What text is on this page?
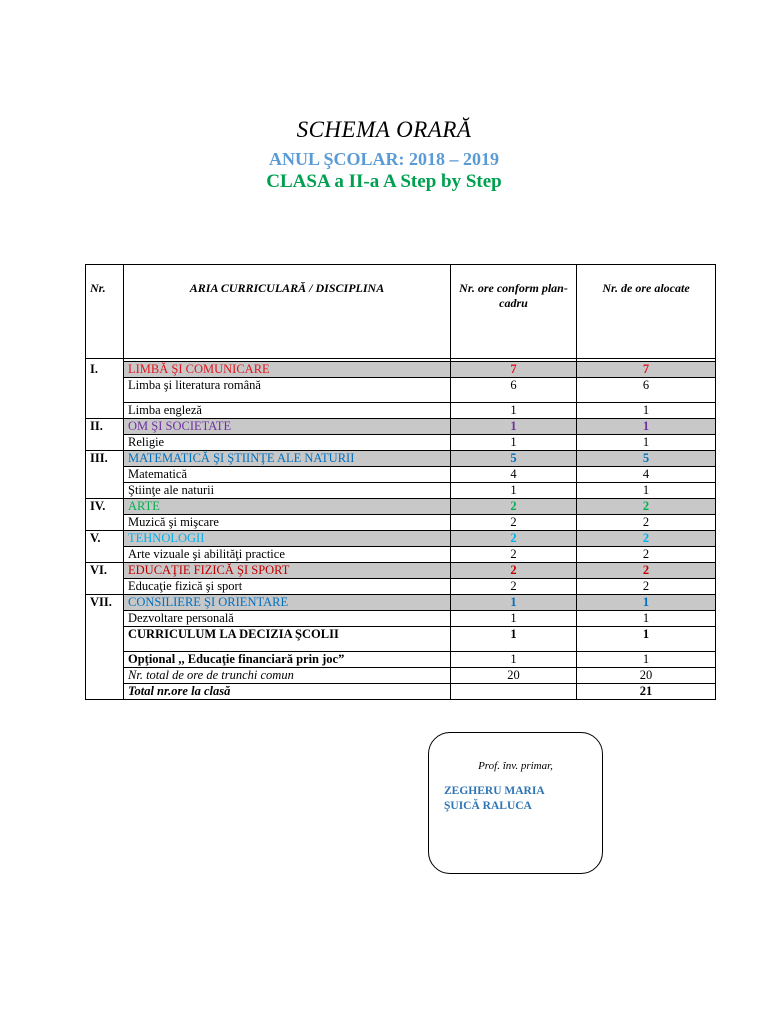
SCHEMA ORARĂ
ANUL ŞCOLAR: 2018 – 2019
CLASA a II-a A Step by Step
Nr.	ARIA CURRICULARĂ / DISCIPLINA	Nr. ore conform plan- cadru	Nr. de ore alocate

I.	LIMBĂ ŞI COMUNICARE	7	7
	Limba şi literatura română	6	6
	Limba engleză	1	1
II.	OM ŞI SOCIETATE	1	1
	Religie	1	1
III.	MATEMATICĂ ŞI ŞTIINŢE ALE NATURII	5	5
	Matematică	4	4
	Ştiinţe ale naturii	1	1
IV.	ARTE	2	2
	Muzică şi mişcare	2	2
V.	TEHNOLOGII	2	2
	Arte vizuale şi abilităţi practice	2	2
VI.	EDUCAŢIE FIZICĂ ŞI SPORT	2	2
	Educaţie fizică şi sport	2	2
VII.	CONSILIERE ŞI ORIENTARE	1	1
	Dezvoltare personală	1	1
	CURRICULUM LA DECIZIA ŞCOLII	1	1
	Opţional ,, Educaţie financiară prin joc”	1	1
	Nr. total de ore de trunchi comun	20	20
	Total nr.ore la clasă		21
Prof. înv. primar,
ZEGHERU MARIA
ŞUICĂ RALUCA
